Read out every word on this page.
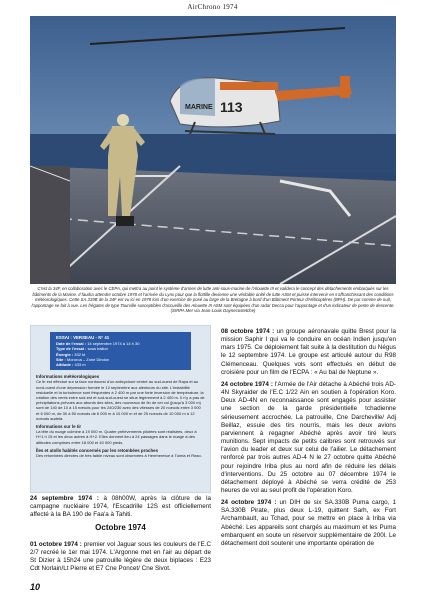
AirChrono 1974
MARINE 113
C'est la 34F, en collaboration avec le CEPA, qui mettra au point le système d'armes de lutte anti-sous-marine de l'Alouette III et validera le concept des détachements embarqués sur les bâtiments de la Marine. Il faudra attendre octobre 1978 et l'arrivée du Lynx pour que la flottille devienne une véritable unité de lutte ASM et puisse intervenir en s'affranchissant des conditions météorologiques. Cette SA.319B de la 34F est vu ici en 1978 lors d'un exercice de posé au large de la Bretagne à bord d'un Bâtiment Porteur d'Hélicoptères (BPH). De par comme de nuit, l'appontage se fait à vue. Les frégates de type Tourville susceptibles d'accueillir des Alouette III ASM sont équipées d'un radar Decca pour l'appontage et d'un indicateur de pente de descente. (SIRPA Mer via Jean-Louis Daynecostetche)
ESSAI : VERSEAU - N° 41
Date de l'essai : 14 septembre 1974 à 14 h 30
Type de l'essai : sous ballon
Énergie : 332 kt
Site : Moruroa – Zone Dindon
Altitude : 433 m
Informations météorologiques

Ce tir est effectué sur la face nordouest d'un anticyclone centré au sud-ouest de Rapa et au nord-ouest d'une dépression formée le 12 septembre aux alentours du site. L'instabilité résiduelle et la turbulence sont fréquentes à 2 400 m par une forte inversion de température, la rotation des vents entre sud-est et sud-sud-ouest se situe légèrement à 2 400 m. Il n'y a pas de précipitations prévues aux abords des sites, des nouveaux de fin de cet vol (jusqu'à 3 000 m) sont de 140 de 10 à 15 nœuds pour les 240/230 avec des vitesses de 20 noeuds entre 3 000 et 6 000 m, de 30 à 50 noeuds de 6 000 m à 10 000 m et de 25 noeuds de 10 000 m à 12 noeuds audelà.

Informations sur le tir

La tête du nuage culmine à 19 000 m. Quatre prélèvements pilotées sont réalisées, deux à H+1 h 15 et les deux autres à H+2. Elles donnent lieu à 24 passages dans le nuage à des altitudes comprises entre 18 000 et 40 000 pieds.

Îles et atolls habités concernés par les retombées proches

Des retombées directes de très faible niveau sont observées à Hereheretue à Tureia et Reao.

24 septembre 1974 : à 08h00W, après la clôture de la campagne nucléaire 1974, l'Escadrille 12S est officiellement affecté à la BA 190 de Faa'a à Tahiti.

Octobre 1974

01 octobre 1974 : premier vol Jaguar sous les couleurs de l'E.C 2/7 recréé le 1er mai 1974. L'Argonne met en l'air au départ de St Dizier à 15h24 une patrouille légère de deux biplaces : E23 Cdt Norlain/Lt Pierre et E7 Cne Poncet/ Cne Sivot.

08 octobre 1974 : un groupe aéronavale quitte Brest pour la mission Saphir I qui va le conduire en océan Indien jusqu'en mars 1975. Ce déploiement fait suite à la destitution du Négus le 12 septembre 1974. Le groupe est articulé autour du R98 Clémenceau. Quelques vols sont effectués en début de croisière pour un film de l'ECPA : « Au bal de Neptune ».

24 octobre 1974 : l'Armée de l'Air détache à Abéché trois AD-4N Skyraider de l'E.C 1/22 Ain en soutien à l'opération Koro. Deux AD-4N en reconnaissance sont engagés pour assister une section de la garde présidentielle tchadienne sérieusement accrochée. La patrouille, Cne Darcheville/ Adj Beillaz, essuie des tirs nourris, mais les deux avions parviennent à regagner Abéché après avoir tiré leurs munitions. Sept impacts de petits calibres sont retrouvés sur l'avion du leader et deux sur celui de l'ailier. Le détachement renforcé par trois autres AD-4 N le 27 octobre quitte Abéché pour rejoindre Iriba plus au nord afin de réduire les délais d'interventions. Du 25 octobre au 07 décembre 1974 le détachement déployé à Abéché se verra crédité de 253 heures de vol au seul profit de l'opération Koro.

24 octobre 1974 : un DIH de six SA.330B Puma cargo, 1 SA.330B Pirate, plus deux L-19, quittent Sarh, ex Fort Archambault, au Tchad, pour se mettre en place à Iriba via Abéché. Les appareils sont chargés au maximum et les Puma embarquent en soute un réservoir supplémentaire de 200l. Le détachement doit soutenir une importante opération de

10
